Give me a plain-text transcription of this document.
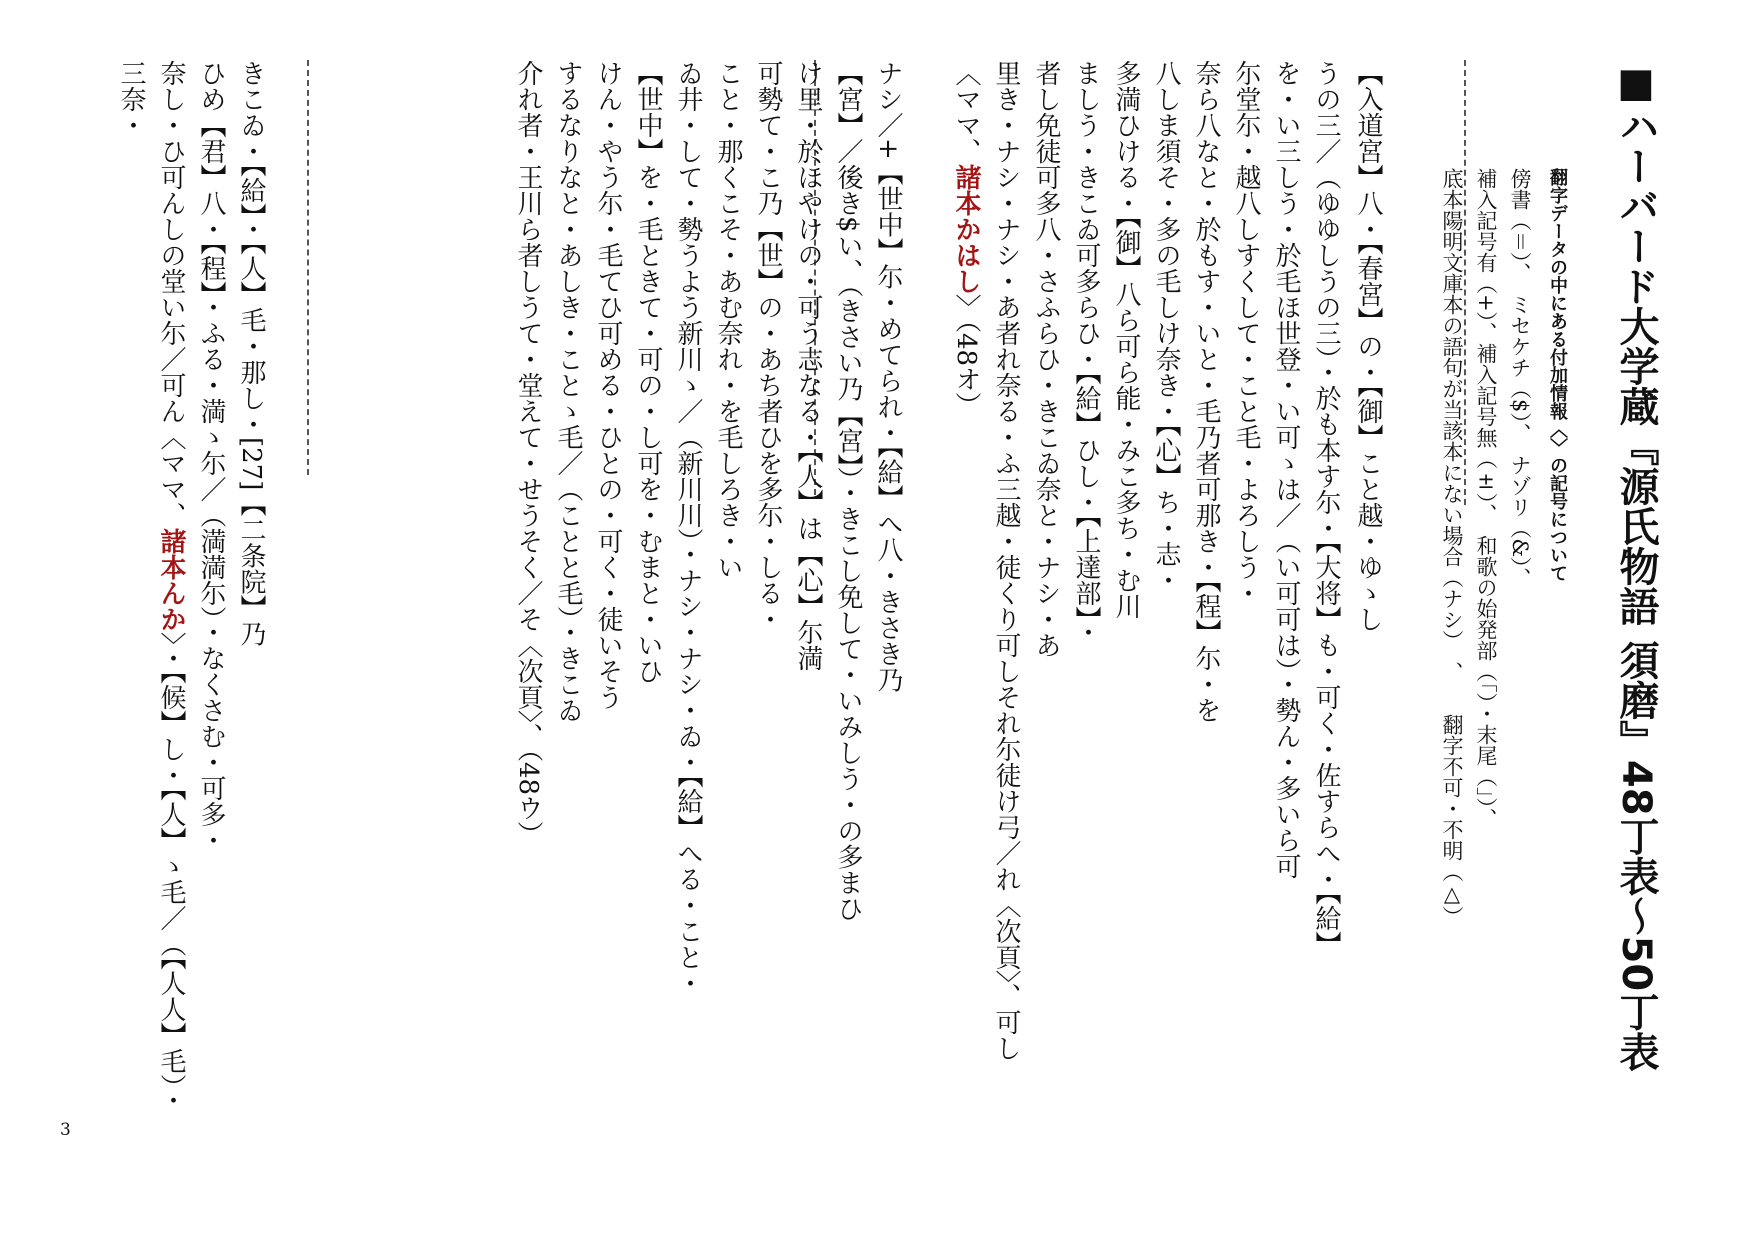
■ハーバード大学蔵『源氏物語 須磨』48丁表～50丁表
翻字データの中にある付加情報〈〉の記号について
傍書（＝）、　ミセケチ（$）、　ナゾリ（&）、
補入記号有（+）、補入記号無（±）、　和歌の始発部（「）・末尾（」）、
底本陽明文庫本の語句が当該本にない場合（ナシ）　、　　翻字不可・不明（△）
【入道宮】八・【春宮】の・【御】こと越・ゆゝし
うの三／（ゆゆしうの三）・於も本す尓・【大将】も・可く・佐すらへ・【給】
を・い三しう・於毛ほ世登・い可ゝは／（い可可は）・勢ん・多いら可
尓堂尓・越八しすくして・こと毛・よろしう・
奈ら八なと・於もす・いと・毛乃者可那き・【程】尓・を
八しま須そ・多の毛しけ奈き・【心】ち・志・
多満ひける・【御】八ら可ら能・みこ多ち・む川
ましう・きこゐ可多らひ・【給】ひし・【上達部】・
者し免徒可多八・さふらひ・きこゐ奈と・ナシ・あ
里き・ナシ・ナシ・あ者れ奈る・ふ三越・徒くり可しそれ尓徒け弓／れ〈次頁〉、可し
〈ママ、諸本かはし〉（48オ）
ナシ／+【世中】尓・めてられ・【給】へ八・きさき乃
【宮】／後き$い、（きさい乃【宮】）・きこし免して・いみしう・の多まひ
け里・於ほやけの・可う志なる・【人】は【心】尓満
可勢て・こ乃【世】の・あち者ひを多尓・しる・
こと・那くこそ・あむ奈れ・を毛しろき・い
ゐ井・して・勢うよう新川ゝ／（新川川）・ナシ・ナシ・ゐ・【給】へる・こと・
【世中】を・毛ときて・可の・し可を・むまと・いひ
けん・やう尓・毛てひ可める・ひとの・可く・徒いそう
するなりなと・あしき・ことゝ毛／（ことと毛）・きこゐ
介れ者・王川ら者しうて・堂えて・せうそく／そ〈次頁〉、（48ウ）
きこゐ・【給】・【人】毛・那し・[27]【二条院】乃
ひめ【君】八・【程】・ふる・満ゝ尓／（満満尓）・なくさむ・可多・
奈し・ひ可んしの堂い尓／可ん〈ママ、諸本んか〉・【候】し・【人】ゝ毛／（【人人】毛）・
三奈・
3
